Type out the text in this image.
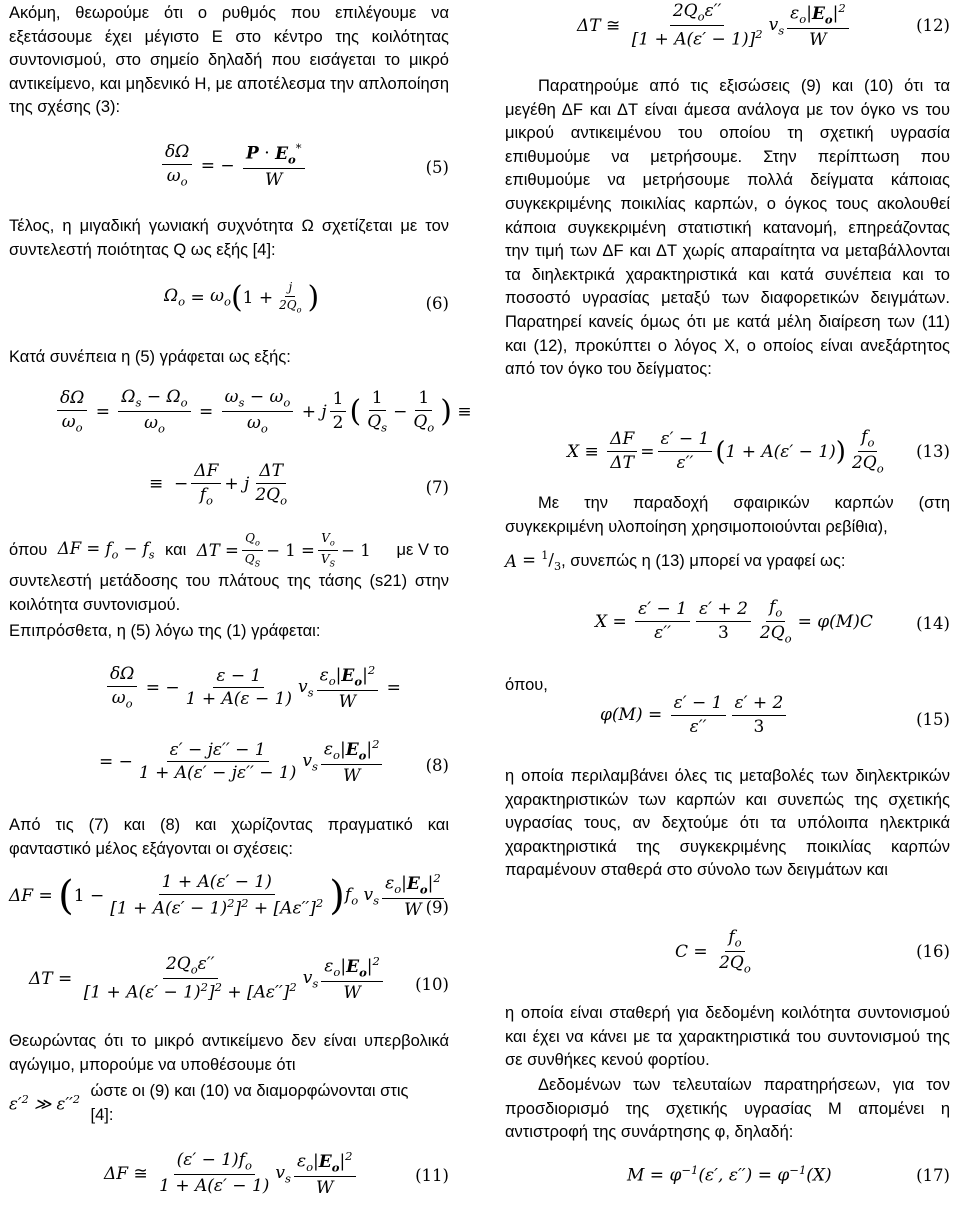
Ακόμη, θεωρούμε ότι ο ρυθμός που επιλέγουμε να εξετάσουμε έχει μέγιστο E στο κέντρο της κοιλότητας συντονισμού, στο σημείο δηλαδή που εισάγεται το μικρό αντικείμενο, και μηδενικό H, με αποτέλεσμα την απλοποίηση της σχέσης (3):

$\frac{\delta\Omega}{\omega_o}$ = − $\frac{P \cdot E_o^*}{W}$	(5)

Τέλος, η μιγαδική γωνιακή συχνότητα Ω σχετίζεται με τον συντελεστή ποιότητας Q ως εξής [4]:

$\Omega_o = \omega_o$ ( $1 + \frac{j}{2Q_o}$ )	(6)

Κατά συνέπεια η (5) γράφεται ως εξής:

$\frac{\delta\Omega}{\omega_o} = \frac{\Omega_s - \Omega_o}{\omega_o} = \frac{\omega_s - \omega_o}{\omega_o} + j \frac{1}{2}$ ( $\frac{1}{Q_s} - \frac{1}{Q_o}$ ) ≡
≡  − $\frac{\Delta F}{f_o} + j \frac{\Delta T}{2Q_o}$	(7)
όπου $\Delta F = f_o - f_s$ και $\Delta T = \frac{Q_o}{Q_S} - 1 = \frac{V_o}{V_S} - 1$ με V το

συντελεστή μετάδοσης του πλάτους της τάσης (s21) στην κοιλότητα συντονισμού.

Επιπρόσθετα, η (5) λόγω της (1) γράφεται:

$\frac{\delta\Omega}{\omega_o}$ = − $\frac{\varepsilon - 1}{1 + A(\varepsilon - 1)} v_s \frac{\varepsilon_o|E_o|^2}{W}$ =
= − $\frac{\varepsilon' - j\varepsilon'' - 1}{1 + A(\varepsilon' - j\varepsilon'' - 1)} v_s \frac{\varepsilon_o|E_o|^2}{W}$	(8)

Από τις (7) και (8) και χωρίζοντας πραγματικό και φανταστικό μέλος εξάγονται οι σχέσεις:

ΔF = ( $1 - \frac{1 + A(\varepsilon' - 1)}{[1 + A(\varepsilon' - 1)^2]^2 + [A\varepsilon'']^2}$ ) $f_o$ $v_s \frac{\varepsilon_o|E_o|^2}{W}$
(9)
$\Delta T = \frac{2Q_o\varepsilon''}{[1 + A(\varepsilon' - 1)^2]^2 + [A\varepsilon'']^2} v_s \frac{\varepsilon_o|E_o|^2}{W} (10)$

Θεωρώντας ότι το μικρό αντικείμενο δεν είναι υπερβολικά αγώγιμο, μπορούμε να υποθέσουμε ότι

$\varepsilon'^2$ ≫ $\varepsilon''^2$ ώστε οι (9) και (10) να διαμορφώνονται στις [4]:
ΔF ≅ $\frac{(\varepsilon' - 1)f_o}{1 + A(\varepsilon' - 1)} v_s \frac{\varepsilon_o|E_o|^2}{W}$	(11)
ΔT ≅ $\frac{2Q_o\varepsilon''}{[1 + A(\varepsilon' - 1)]^2} v_s \frac{\varepsilon_o|E_o|^2}{W}$	(12)

Παρατηρούμε από τις εξισώσεις (9) και (10) ότι τα μεγέθη ΔF και ΔT είναι άμεσα ανάλογα με τον όγκο vs του μικρού αντικειμένου του οποίου τη σχετική υγρασία επιθυμούμε να μετρήσουμε. Στην περίπτωση που επιθυμούμε να μετρήσουμε πολλά δείγματα κάποιας συγκεκριμένης ποικιλίας καρπών, ο όγκος τους ακολουθεί κάποια συγκεκριμένη στατιστική κατανομή, επηρεάζοντας την τιμή των ΔF και ΔT χωρίς απαραίτητα να μεταβάλλονται τα διηλεκτρικά χαρακτηριστικά και κατά συνέπεια και το ποσοστό υγρασίας μεταξύ των διαφορετικών δειγμάτων. Παρατηρεί κανείς όμως ότι με κατά μέλη διαίρεση των (11) και (12), προκύπτει ο λόγος X, ο οποίος είναι ανεξάρτητος από τον όγκο του δείγματος:

$X \equiv \frac{\Delta F}{\Delta T} = \frac{\varepsilon' - 1}{\varepsilon''}$ ( 1 + A(ε′ − 1) ) $\frac{f_o}{2Q_o} (13)$

Με την παραδοχή σφαιρικών καρπών (στη συγκεκριμένη υλοποίηση χρησιμοποιούνται ρεβίθια),

$A = ^1/_3$ , συνεπώς η (13) μπορεί να γραφεί ως:
$X = \frac{\varepsilon' - 1}{\varepsilon''} \frac{\varepsilon' + 2}{3} \frac{f_o}{2Q_o} = \varphi(M)C$	(14)

όπου,

$\varphi(M) = \frac{\varepsilon' - 1}{\varepsilon''} \frac{\varepsilon' + 2}{3}$	(15)

η οποία περιλαμβάνει όλες τις μεταβολές των διηλεκτρικών χαρακτηριστικών των καρπών και συνεπώς της σχετικής υγρασίας τους, αν δεχτούμε ότι τα υπόλοιπα ηλεκτρικά χαρακτηριστικά της συγκεκριμένης ποικιλίας καρπών παραμένουν σταθερά στο σύνολο των δειγμάτων και

$C = \frac{f_o}{2Q_o}$	(16)

η οποία είναι σταθερή για δεδομένη κοιλότητα συντονισμού και έχει να κάνει με τα χαρακτηριστικά του συντονισμού της σε συνθήκες κενού φορτίου.

Δεδομένων των τελευταίων παρατηρήσεων, για τον προσδιορισμό της σχετικής υγρασίας M απομένει η αντιστροφή της συνάρτησης φ, δηλαδή:

$M = \varphi^{-1}(\varepsilon'$, $\varepsilon'') = \varphi^{-1}(X)$	(17)
